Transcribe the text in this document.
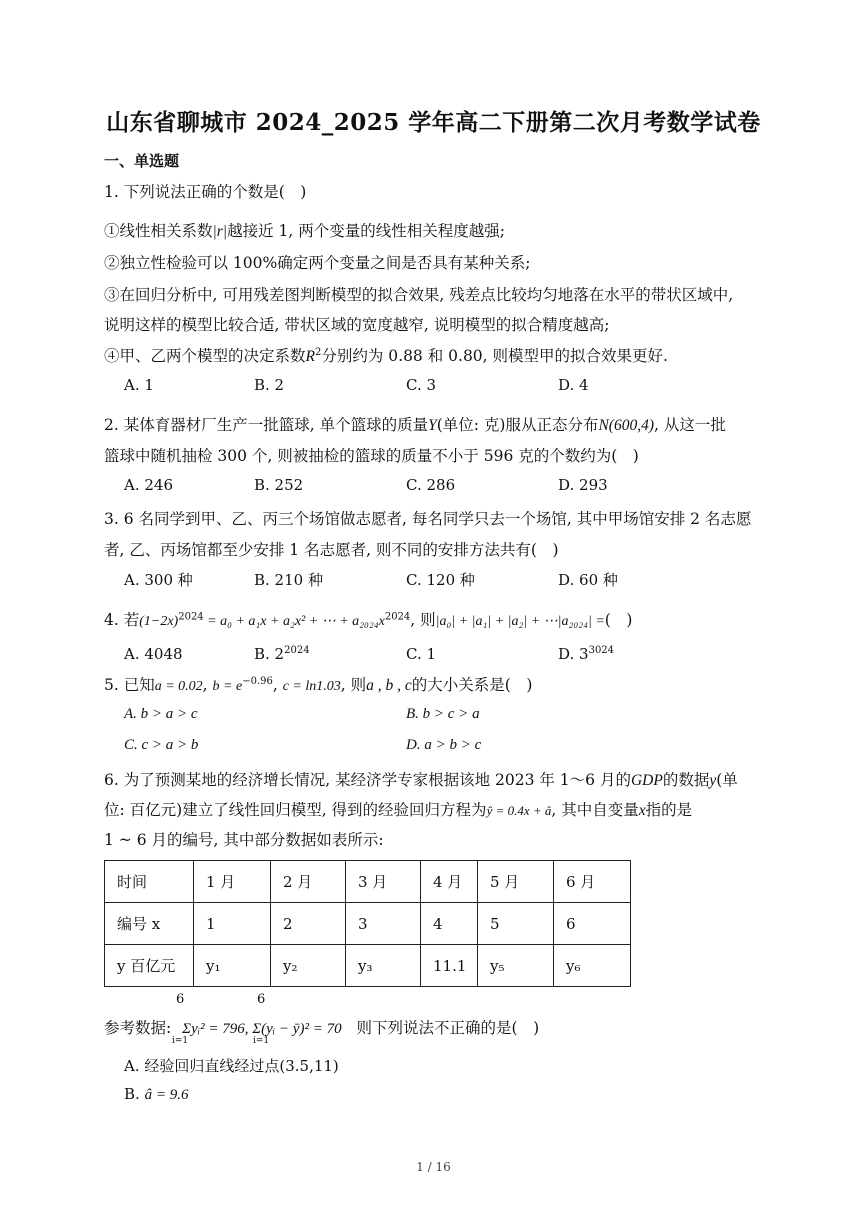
山东省聊城市 2024_2025 学年高二下册第二次月考数学试卷
一、单选题
1. 下列说法正确的个数是(　)
①线性相关系数|r|越接近 1, 两个变量的线性相关程度越强;
②独立性检验可以 100%确定两个变量之间是否具有某种关系;
③在回归分析中, 可用残差图判断模型的拟合效果, 残差点比较均匀地落在水平的带状区域中,
说明这样的模型比较合适, 带状区域的宽度越窄, 说明模型的拟合精度越高;
④甲、乙两个模型的决定系数$R^2$分别约为 0.88 和 0.80, 则模型甲的拟合效果更好.
A. 1	B. 2	C. 3	D. 4
2. 某体育器材厂生产一批篮球, 单个篮球的质量Y(单位: 克)服从正态分布N(600,4), 从这一批
篮球中随机抽检 300 个, 则被抽检的篮球的质量不小于 596 克的个数约为(　)
A. 246	B. 252	C. 286	D. 293
3. 6 名同学到甲、乙、丙三个场馆做志愿者, 每名同学只去一个场馆, 其中甲场馆安排 2 名志愿
者, 乙、丙场馆都至少安排 1 名志愿者, 则不同的安排方法共有(　)
A. 300 种	B. 210 种	C. 120 种	D. 60 种
4. 若$(1-2x)^{2024} = a_0 + a_1x + a_2x^2$ + ⋯ + $a_{2024}x^{2024}$, 则|a₀| + |a₁| + |a₂| + ⋯|a₂₀₂₄| =(　)
A. 4048	B. $2^{2024}$	C. 1	D. $3^{3024}$
5. 已知a = 0.02, $b = e^{-0.96}$, c = ln1.03, 则a , b , c的大小关系是(　)
A. b > a > c	B. b > c > a
C. c > a > b	D. a > b > c
6. 为了预测某地的经济增长情况, 某经济学专家根据该地 2023 年 1～6 月的GDP的数据y(单
位: 百亿元)建立了线性回归模型, 得到的经验回归方程为ŷ = 0.4x + â, 其中自变量x指的是
1 ~ 6 月的编号, 其中部分数据如表所示:
时间	1 月	2 月	3 月	4 月	5 月	6 月
编号 x	1	2	3	4	5	6
y 百亿元	y₁	y₂	y₃	11.1	y₅	y₆
6	6
参考数据: Σyᵢ² = 796, Σ(yᵢ − ȳ)² = 70 则下列说法不正确的是(　)
i=1	i=1
A. 经验回归直线经过点(3.5,11)
B. â = 9.6
1 / 16
